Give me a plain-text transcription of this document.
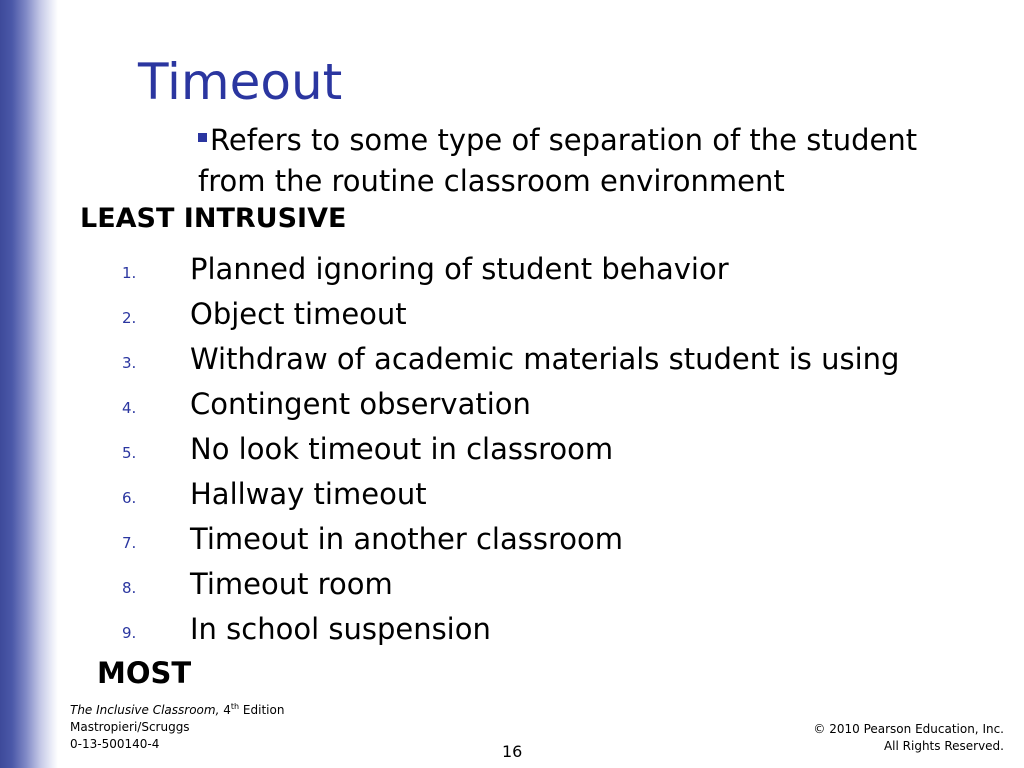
Timeout
Refers to some type of separation of the student from the routine classroom environment
LEAST INTRUSIVE
1. Planned ignoring of student behavior
2. Object timeout
3. Withdraw of academic materials student is using
4. Contingent observation
5. No look timeout in classroom
6. Hallway timeout
7. Timeout in another classroom
8. Timeout room
9. In school suspension
MOST
The Inclusive Classroom, 4th Edition
Mastropieri/Scruggs
0-13-500140-4
© 2010 Pearson Education, Inc.
All Rights Reserved.
16
